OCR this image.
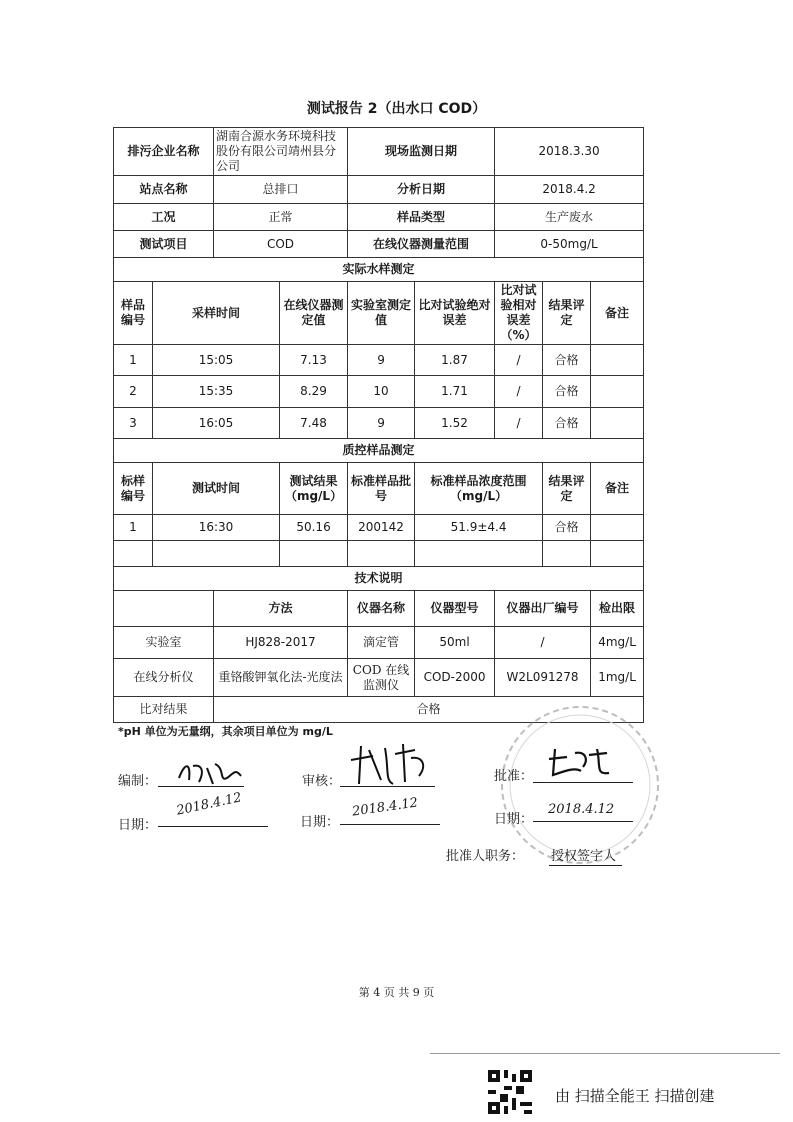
测试报告 2（出水口 COD）
排污企业名称		湖南合源水务环境科技股份有限公司靖州县分公司		现场监测日期		2018.3.30		
站点名称		总排口		分析日期		2018.4.2		
工况		正常		样品类型		生产废水		
测试项目		COD		在线仪器测量范围		0-50mg/L		
实际水样测定								
样品编号	采样时间		在线仪器测定值	实验室测定值	比对试验绝对误差	比对试验相对误差（%）	结果评定	备注
1	15:05		7.13	9	1.87	/	合格	
2	15:35		8.29	10	1.71	/	合格	
3	16:05		7.48	9	1.52	/	合格	
质控样品测定								
标样编号	测试时间		测试结果（mg/L）	标准样品批号	标准样品浓度范围（mg/L）		结果评定	备注
1	16:30		50.16	200142	51.9±4.4		合格	

技术说明								
		方法		仪器名称	仪器型号	仪器出厂编号		检出限
实验室		HJ828-2017		滴定管	50ml	/		4mg/L
在线分析仪		重铬酸钾氧化法-光度法		COD 在线监测仪	COD-2000	W2L091278		1mg/L
比对结果		合格						
*pH 单位为无量纲，其余项目单位为 mg/L
编制：	审核：	批准：
日期：
2018.4.12
日期：
2018.4.12	日期：
2018.4.12
批准人职务： 授权签字人
第 4 页 共 9 页
由 扫描全能王 扫描创建
